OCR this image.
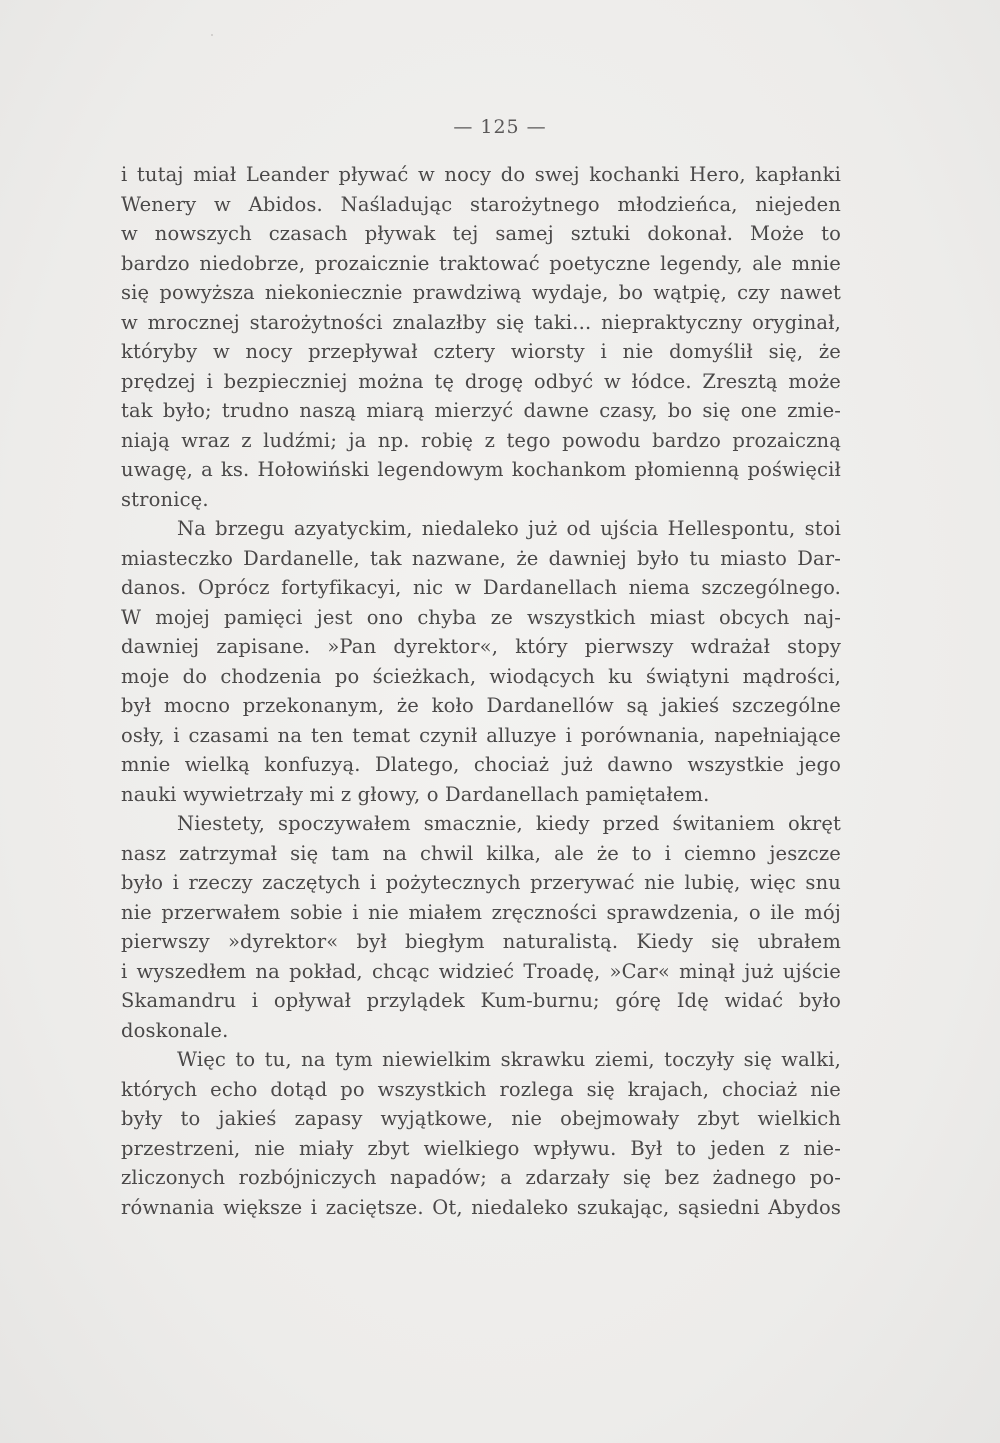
— 125 —
i tutaj miał Leander pływać w nocy do swej kochanki Hero, kapłanki
Wenery w Abidos. Naśladując starożytnego młodzieńca, niejeden
w nowszych czasach pływak tej samej sztuki dokonał. Może to
bardzo niedobrze, prozaicznie traktować poetyczne legendy, ale mnie
się powyższa niekoniecznie prawdziwą wydaje, bo wątpię, czy nawet
w mrocznej starożytności znalazłby się taki... niepraktyczny oryginał,
któryby w nocy przepływał cztery wiorsty i nie domyślił się, że
prędzej i bezpieczniej można tę drogę odbyć w łódce. Zresztą może
tak było; trudno naszą miarą mierzyć dawne czasy, bo się one zmie-
niają wraz z ludźmi; ja np. robię z tego powodu bardzo prozaiczną
uwagę, a ks. Hołowiński legendowym kochankom płomienną poświęcił
stronicę.
Na brzegu azyatyckim, niedaleko już od ujścia Hellespontu, stoi
miasteczko Dardanelle, tak nazwane, że dawniej było tu miasto Dar-
danos. Oprócz fortyfikacyi, nic w Dardanellach niema szczególnego.
W mojej pamięci jest ono chyba ze wszystkich miast obcych naj-
dawniej zapisane. »Pan dyrektor«, który pierwszy wdrażał stopy
moje do chodzenia po ścieżkach, wiodących ku świątyni mądrości,
był mocno przekonanym, że koło Dardanellów są jakieś szczególne
osły, i czasami na ten temat czynił alluzye i porównania, napełniające
mnie wielką konfuzyą. Dlatego, chociaż już dawno wszystkie jego
nauki wywietrzały mi z głowy, o Dardanellach pamiętałem.
Niestety, spoczywałem smacznie, kiedy przed świtaniem okręt
nasz zatrzymał się tam na chwil kilka, ale że to i ciemno jeszcze
było i rzeczy zaczętych i pożytecznych przerywać nie lubię, więc snu
nie przerwałem sobie i nie miałem zręczności sprawdzenia, o ile mój
pierwszy »dyrektor« był biegłym naturalistą. Kiedy się ubrałem
i wyszedłem na pokład, chcąc widzieć Troadę, »Car« minął już ujście
Skamandru i opływał przylądek Kum-burnu; górę Idę widać było
doskonale.
Więc to tu, na tym niewielkim skrawku ziemi, toczyły się walki,
których echo dotąd po wszystkich rozlega się krajach, chociaż nie
były to jakieś zapasy wyjątkowe, nie obejmowały zbyt wielkich
przestrzeni, nie miały zbyt wielkiego wpływu. Był to jeden z nie-
zliczonych rozbójniczych napadów; a zdarzały się bez żadnego po-
równania większe i zaciętsze. Ot, niedaleko szukając, sąsiedni Abydos
